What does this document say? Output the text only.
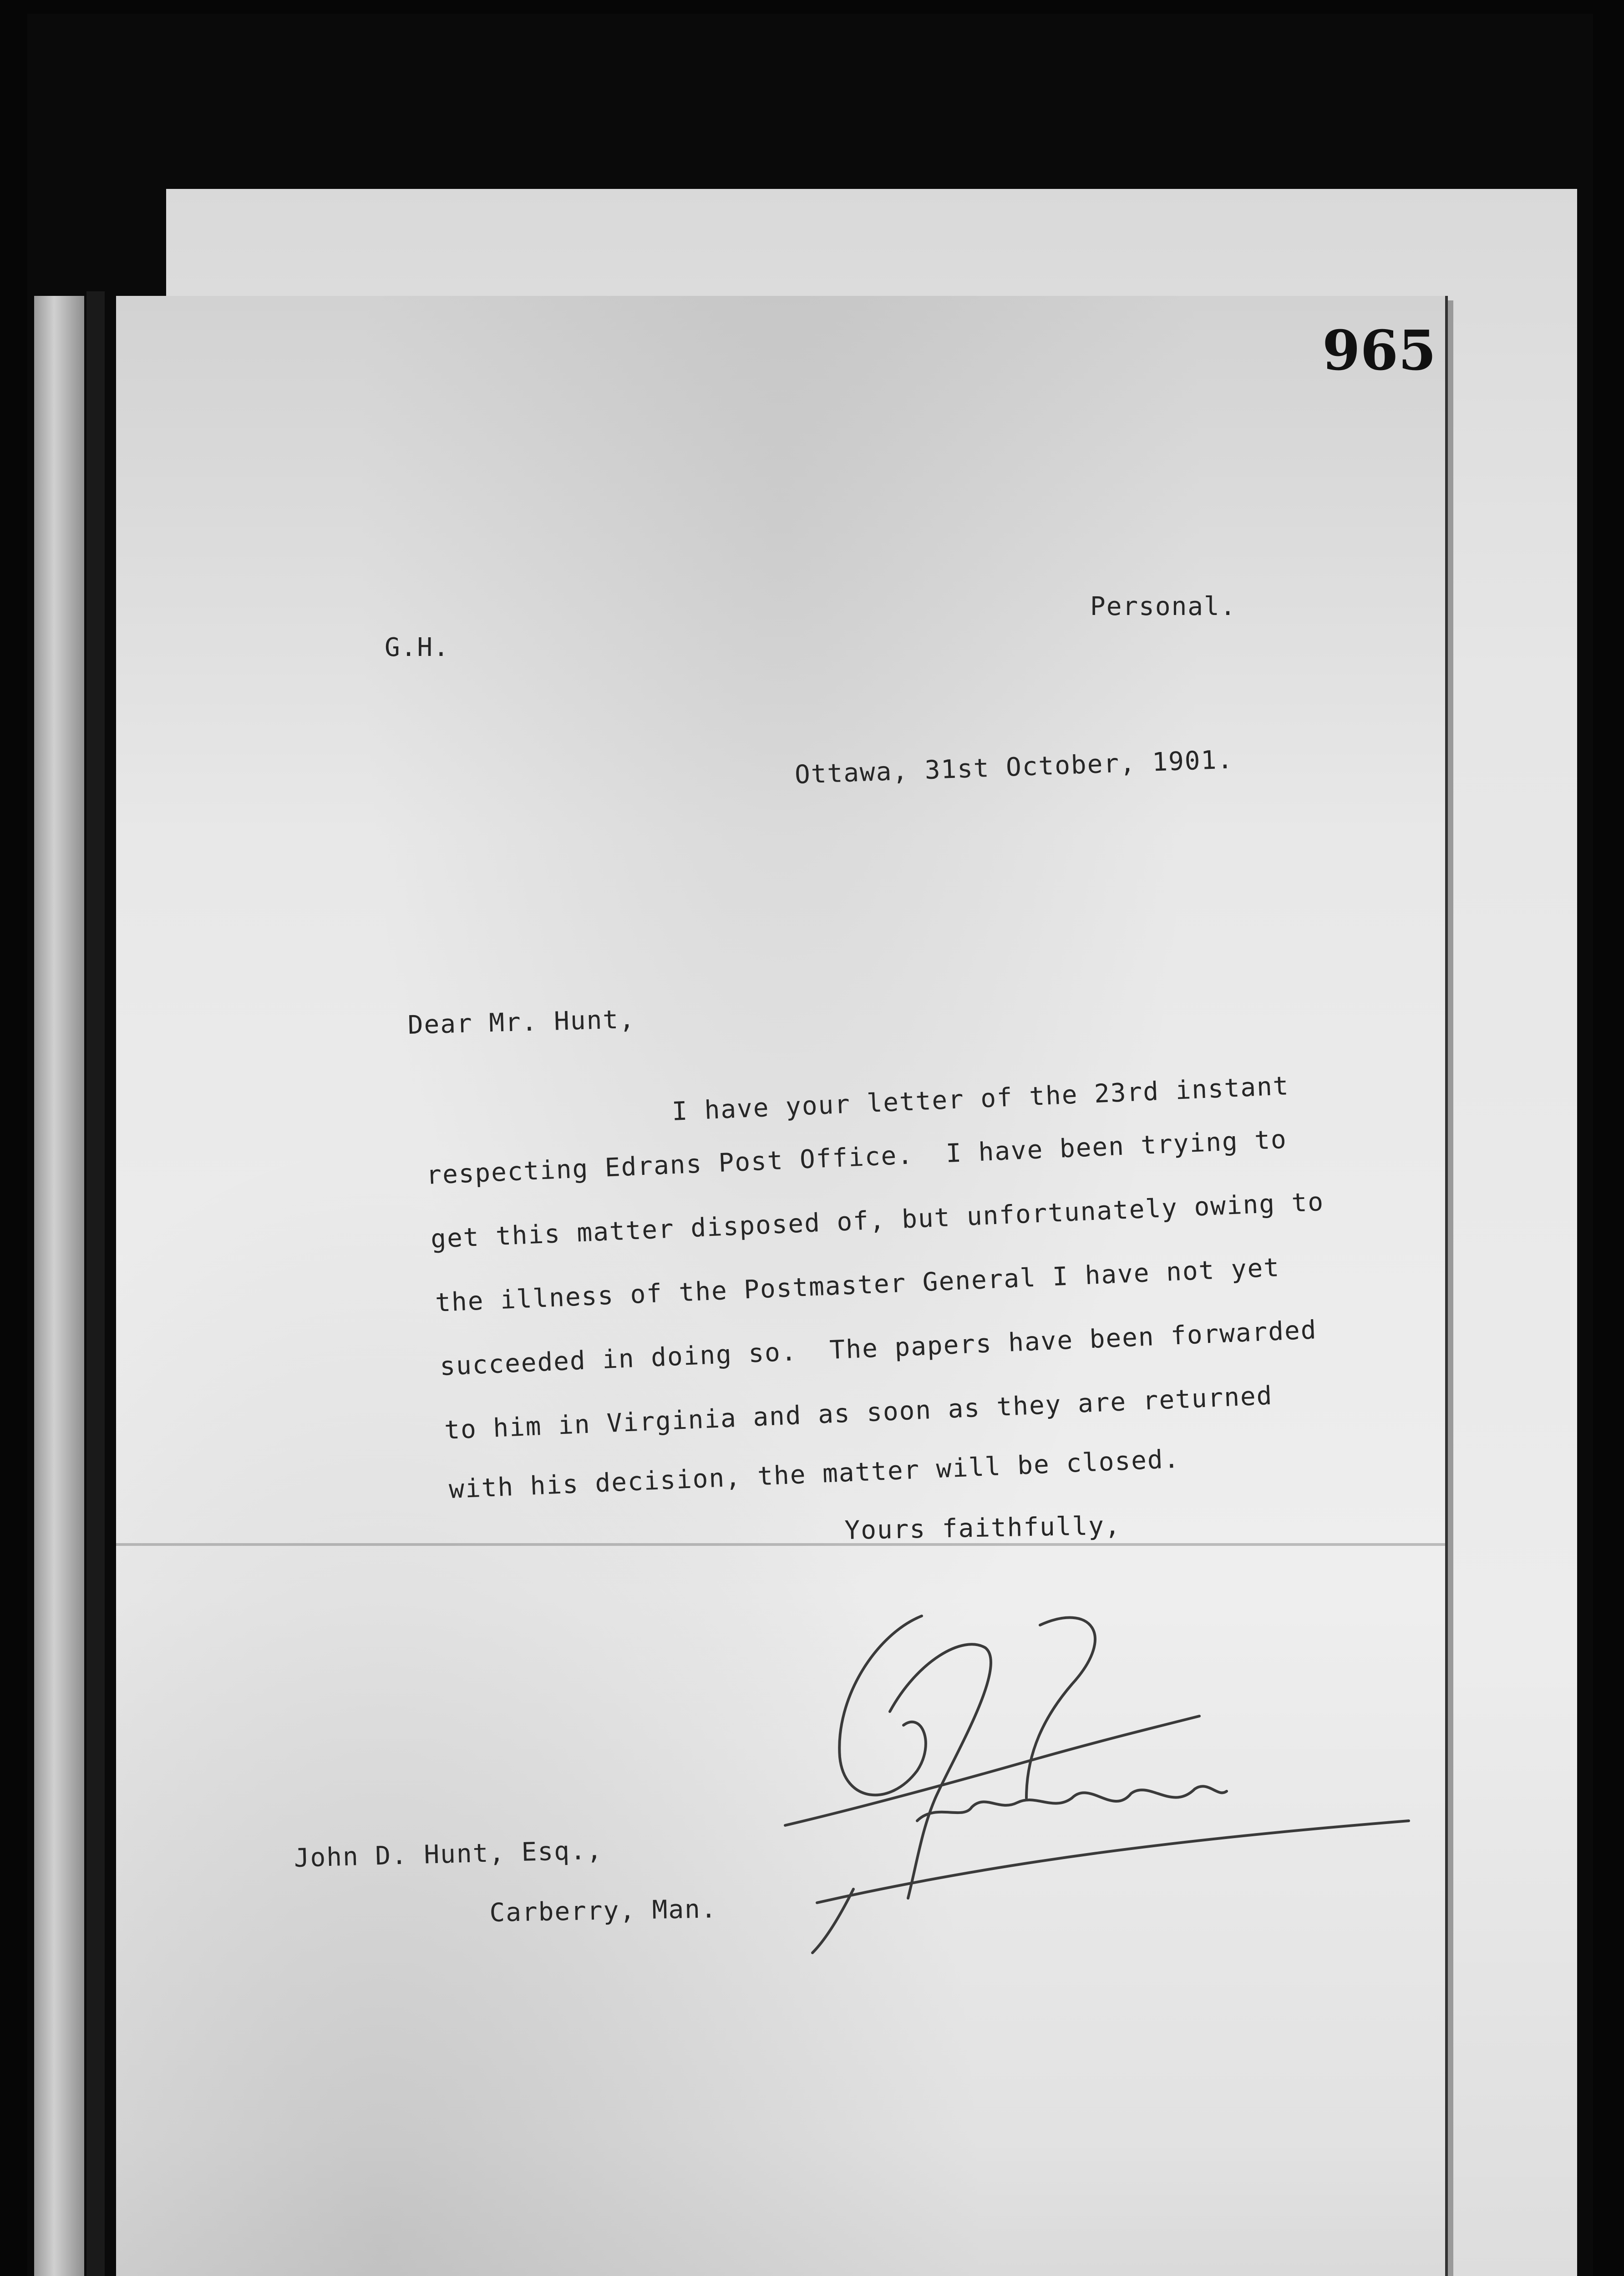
965
Personal.
G.H.
Ottawa, 31st October, 1901.
Dear Mr. Hunt,
I have your letter of the 23rd instant
respecting Edrans Post Office.  I have been trying to
get this matter disposed of, but unfortunately owing to
the illness of the Postmaster General I have not yet
succeeded in doing so.  The papers have been forwarded
to him in Virginia and as soon as they are returned
with his decision, the matter will be closed.
Yours faithfully,
John D. Hunt, Esq.,
Carberry, Man.
